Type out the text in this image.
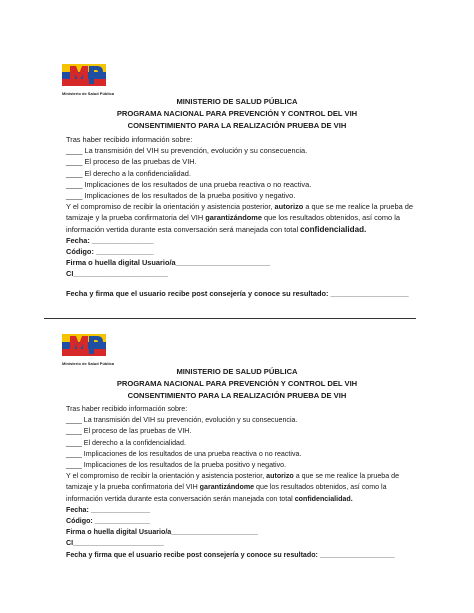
Ministerio de Salud Pública
MINISTERIO DE SALUD PÚBLICA
PROGRAMA NACIONAL PARA PREVENCIÓN Y CONTROL DEL VIH
CONSENTIMIENTO PARA LA REALIZACIÓN PRUEBA DE VIH
Tras haber recibido información sobre:
____ La transmisión del VIH su prevención, evolución y su consecuencia.
____ El proceso de las pruebas de VIH.
____ El derecho a la confidencialidad.
____ Implicaciones de los resultados de una prueba reactiva o no reactiva.
____ Implicaciones de los resultados de la prueba positivo y negativo.
Y el compromiso de recibir la orientación y asistencia posterior, autorizo a que se me realice la prueba de tamizaje y la prueba confirmatoria del VIH garantizándome que los resultados obtenidos, así como la información vertida durante esta conversación será manejada con total confidencialidad.
Fecha: _______________
Código: ______________
Firma o huella digital Usuario/a_______________________
CI_______________________
Fecha y firma que el usuario recibe post consejería y conoce su resultado: ___________________
Ministerio de Salud Pública
MINISTERIO DE SALUD PÚBLICA
PROGRAMA NACIONAL PARA PREVENCIÓN Y CONTROL DEL VIH
CONSENTIMIENTO PARA LA REALIZACIÓN PRUEBA DE VIH
Tras haber recibido información sobre:
____ La transmisión del VIH su prevención, evolución y su consecuencia.
____ El proceso de las pruebas de VIH.
____ El derecho a la confidencialidad.
____ Implicaciones de los resultados de una prueba reactiva o no reactiva.
____ Implicaciones de los resultados de la prueba positivo y negativo.
Y el compromiso de recibir la orientación y asistencia posterior, autorizo a que se me realice la prueba de tamizaje y la prueba confirmatoria del VIH garantizándome que los resultados obtenidos, así como la información vertida durante esta conversación serán manejada con total confidencialidad.
Fecha: _______________
Código: ______________
Firma o huella digital Usuario/a______________________
CI_______________________
Fecha y firma que el usuario recibe post consejería y conoce su resultado: ___________________
